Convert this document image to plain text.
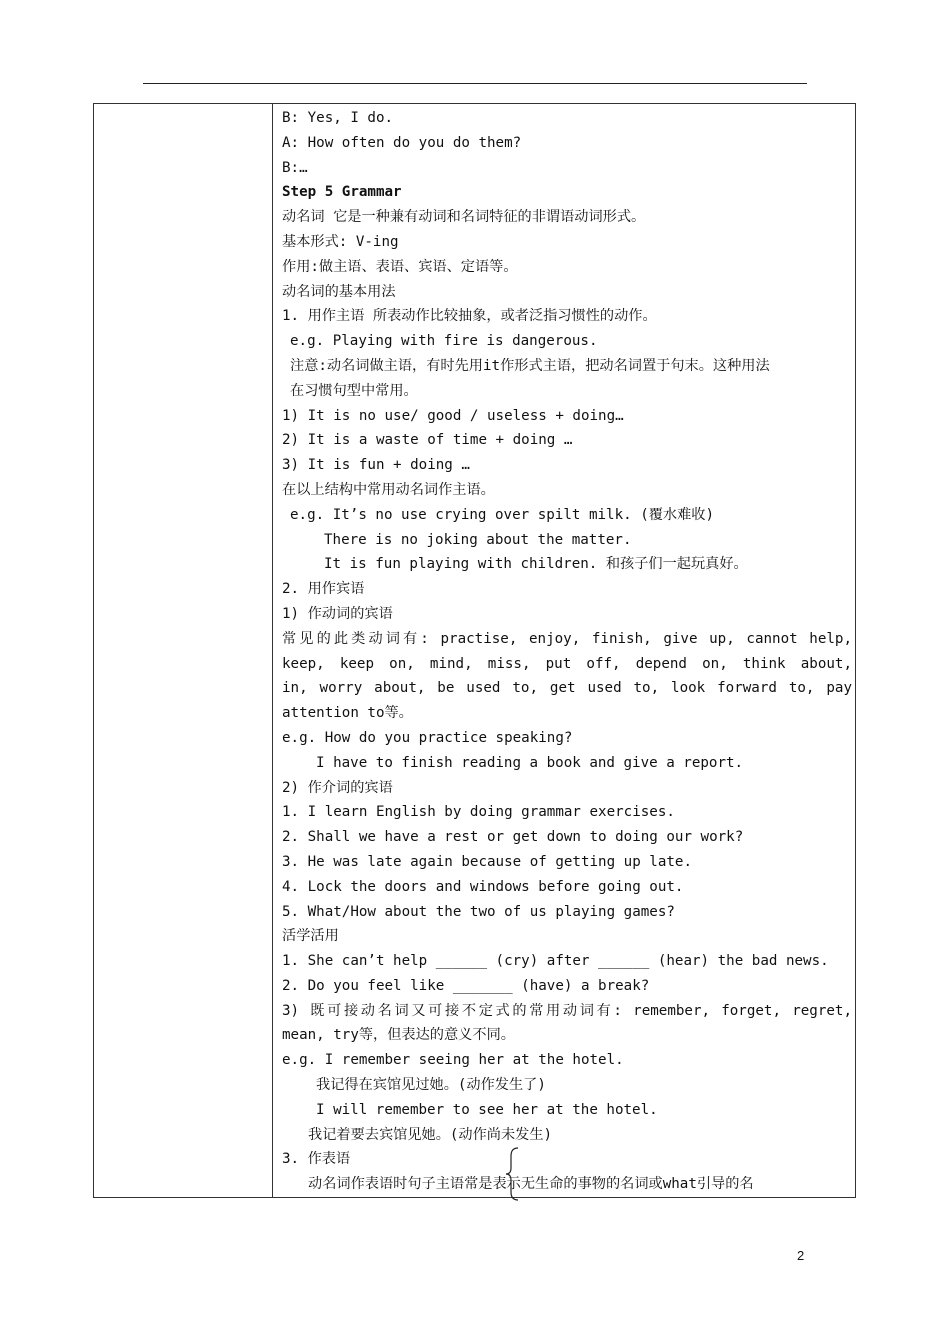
B: Yes, I do.
A: How often do you do them?
B:…
Step 5 Grammar
动名词 它是一种兼有动词和名词特征的非谓语动词形式。
基本形式: V-ing
作用:做主语、表语、宾语、定语等。
动名词的基本用法
1. 用作主语 所表动作比较抽象，或者泛指习惯性的动作。
e.g. Playing with fire is dangerous.
注意:动名词做主语，有时先用it作形式主语，把动名词置于句末。这种用法
在习惯句型中常用。
1) It is no use/ good / useless + doing…
2) It is a waste of time + doing …
3) It is fun + doing …
在以上结构中常用动名词作主语。
e.g. It’s no use crying over spilt milk. (覆水难收)
There is no joking about the matter.
It is fun playing with children. 和孩子们一起玩真好。
2. 用作宾语
1) 作动词的宾语
常见的此类动词有: practise, enjoy, finish, give up, cannot help,
keep, keep on, mind, miss, put off, depend on, think about,
in, worry about, be used to, get used to, look forward to, pay
attention to等。
e.g. How do you practice speaking?
I have to finish reading a book and give a report.
2) 作介词的宾语
1. I learn English by doing grammar exercises.
2. Shall we have a rest or get down to doing our work?
3. He was late again because of getting up late.
4. Lock the doors and windows before going out.
5. What/How about the two of us playing games?
活学活用
1. She can’t help ______ (cry) after ______ (hear) the bad news.
2. Do you feel like _______ (have) a break?
3) 既可接动名词又可接不定式的常用动词有: remember, forget, regret,
mean, try等，但表达的意义不同。
e.g. I remember seeing her at the hotel.
我记得在宾馆见过她。(动作发生了)
I will remember to see her at the hotel.
我记着要去宾馆见她。(动作尚未发生)
3. 作表语
动名词作表语时句子主语常是表示无生命的事物的名词或what引导的名
2
